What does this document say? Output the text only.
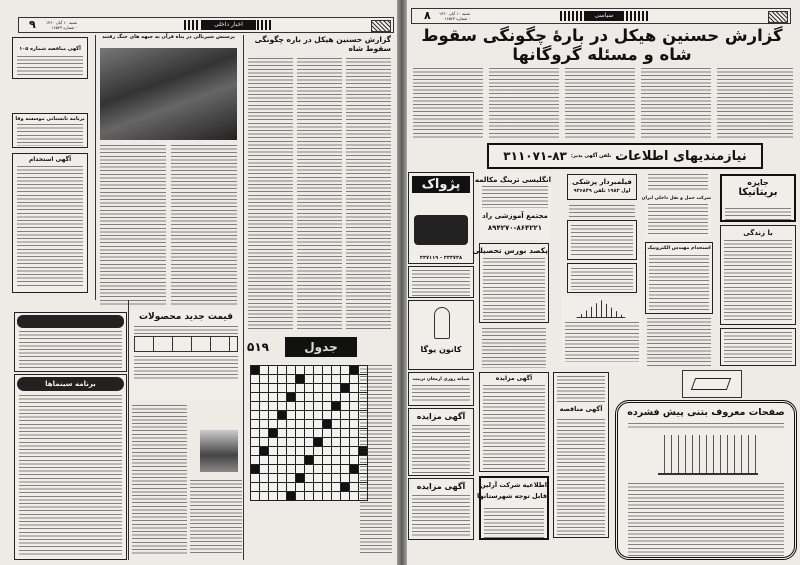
۹	شنبه ۱۰ آبان ۱۳۶۰ - شماره ۱۶۵۴۳	اخبار داخلی
آگهی مناقصه شماره ۱۰۵
برنامه تابستانی موسسه وفا
آگهی استخدام
برنامه سینماها
پرستش شیربالی در پناه قرآن به جبهه های جنگ رفتند
قیمت جدید محصولات
گزارش حسنین هیکل در باره چگونگی سقوط شاه
۵۱۹	جدول

۸ شنبه ۱۰ آبان ۱۳۶۰ - شماره ۱۶۵۴۳	سیاسی
گزارش حسنین هیکل در بارهٔ چگونگی سقوط شاه و مسئله گروگانها
نیازمندیهای اطلاعات
تلفن آگهی پذیر:
۳۱۱۰۷۱-۸۳
پژواک
۳۳۳۷۳۸ - ۳۳۷۱۱۹
کانون یوگا
شبانه روزی ارمغان تربیت
آگهی مزایده
آگهی مزایده
انگلیسی ترینگ مکالمه
مجتمع آموزشی راد
۸۹۴۲۷۰-۸۶۴۲۲۱
یکصد بورس تحصیلی
آگهی مزایده
اطلاعیه شرکت آرلین
قابل توجه شهرستانها
فیلمبردار پزشکی
اول ۱۹۸۳ تلفن ۹۳۶۸۴۹
آگهی مناقصه
شرکت حمل و نقل داخلی ایران
استخدام مهندس الکترونیک
جایزه
بریتانیکا
با زندگی
صفحات معروف بتنی پیش فشرده
